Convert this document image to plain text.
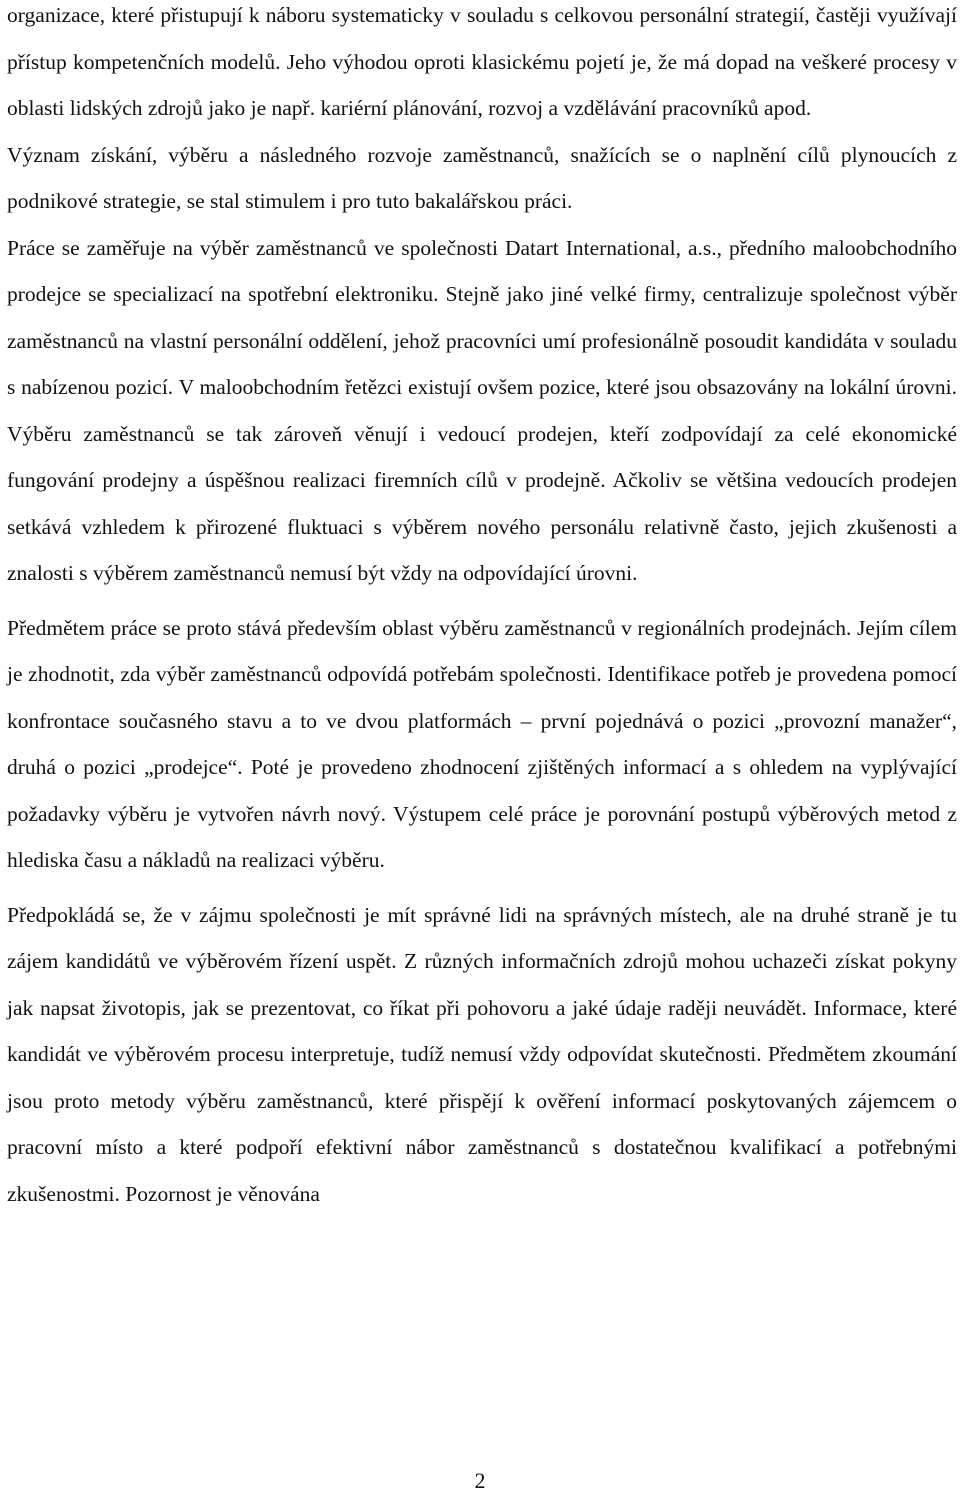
organizace, které přistupují k náboru systematicky v souladu s celkovou personální strategií, častěji využívají přístup kompetenčních modelů. Jeho výhodou oproti klasickému pojetí je, že má dopad na veškeré procesy v oblasti lidských zdrojů jako je např. kariérní plánování, rozvoj a vzdělávání pracovníků apod.

Význam získání, výběru a následného rozvoje zaměstnanců, snažících se o naplnění cílů plynoucích z podnikové strategie, se stal stimulem i pro tuto bakalářskou práci.

Práce se zaměřuje na výběr zaměstnanců ve společnosti Datart International, a.s., předního maloobchodního prodejce se specializací na spotřební elektroniku. Stejně jako jiné velké firmy, centralizuje společnost výběr zaměstnanců na vlastní personální oddělení, jehož pracovníci umí profesionálně posoudit kandidáta v souladu s nabízenou pozicí. V maloobchodním řetězci existují ovšem pozice, které jsou obsazovány na lokální úrovni. Výběru zaměstnanců se tak zároveň věnují i vedoucí prodejen, kteří zodpovídají za celé ekonomické fungování prodejny a úspěšnou realizaci firemních cílů v prodejně. Ačkoliv se většina vedoucích prodejen setkává vzhledem k přirozené fluktuaci s výběrem nového personálu relativně často, jejich zkušenosti a znalosti s výběrem zaměstnanců nemusí být vždy na odpovídající úrovni.

Předmětem práce se proto stává především oblast výběru zaměstnanců v regionálních prodejnách. Jejím cílem je zhodnotit, zda výběr zaměstnanců odpovídá potřebám společnosti. Identifikace potřeb je provedena pomocí konfrontace současného stavu a to ve dvou platformách – první pojednává o pozici „provozní manažer“, druhá o pozici „prodejce“. Poté je provedeno zhodnocení zjištěných informací a s ohledem na vyplývající požadavky výběru je vytvořen návrh nový. Výstupem celé práce je porovnání postupů výběrových metod z hlediska času a nákladů na realizaci výběru.

Předpokládá se, že v zájmu společnosti je mít správné lidi na správných místech, ale na druhé straně je tu zájem kandidátů ve výběrovém řízení uspět. Z různých informačních zdrojů mohou uchazeči získat pokyny jak napsat životopis, jak se prezentovat, co říkat při pohovoru a jaké údaje raději neuvádět. Informace, které kandidát ve výběrovém procesu interpretuje, tudíž nemusí vždy odpovídat skutečnosti. Předmětem zkoumání jsou proto metody výběru zaměstnanců, které přispějí k ověření informací poskytovaných zájemcem o pracovní místo a které podpoří efektivní nábor zaměstnanců s dostatečnou kvalifikací a potřebnými zkušenostmi. Pozornost je věnována

2
